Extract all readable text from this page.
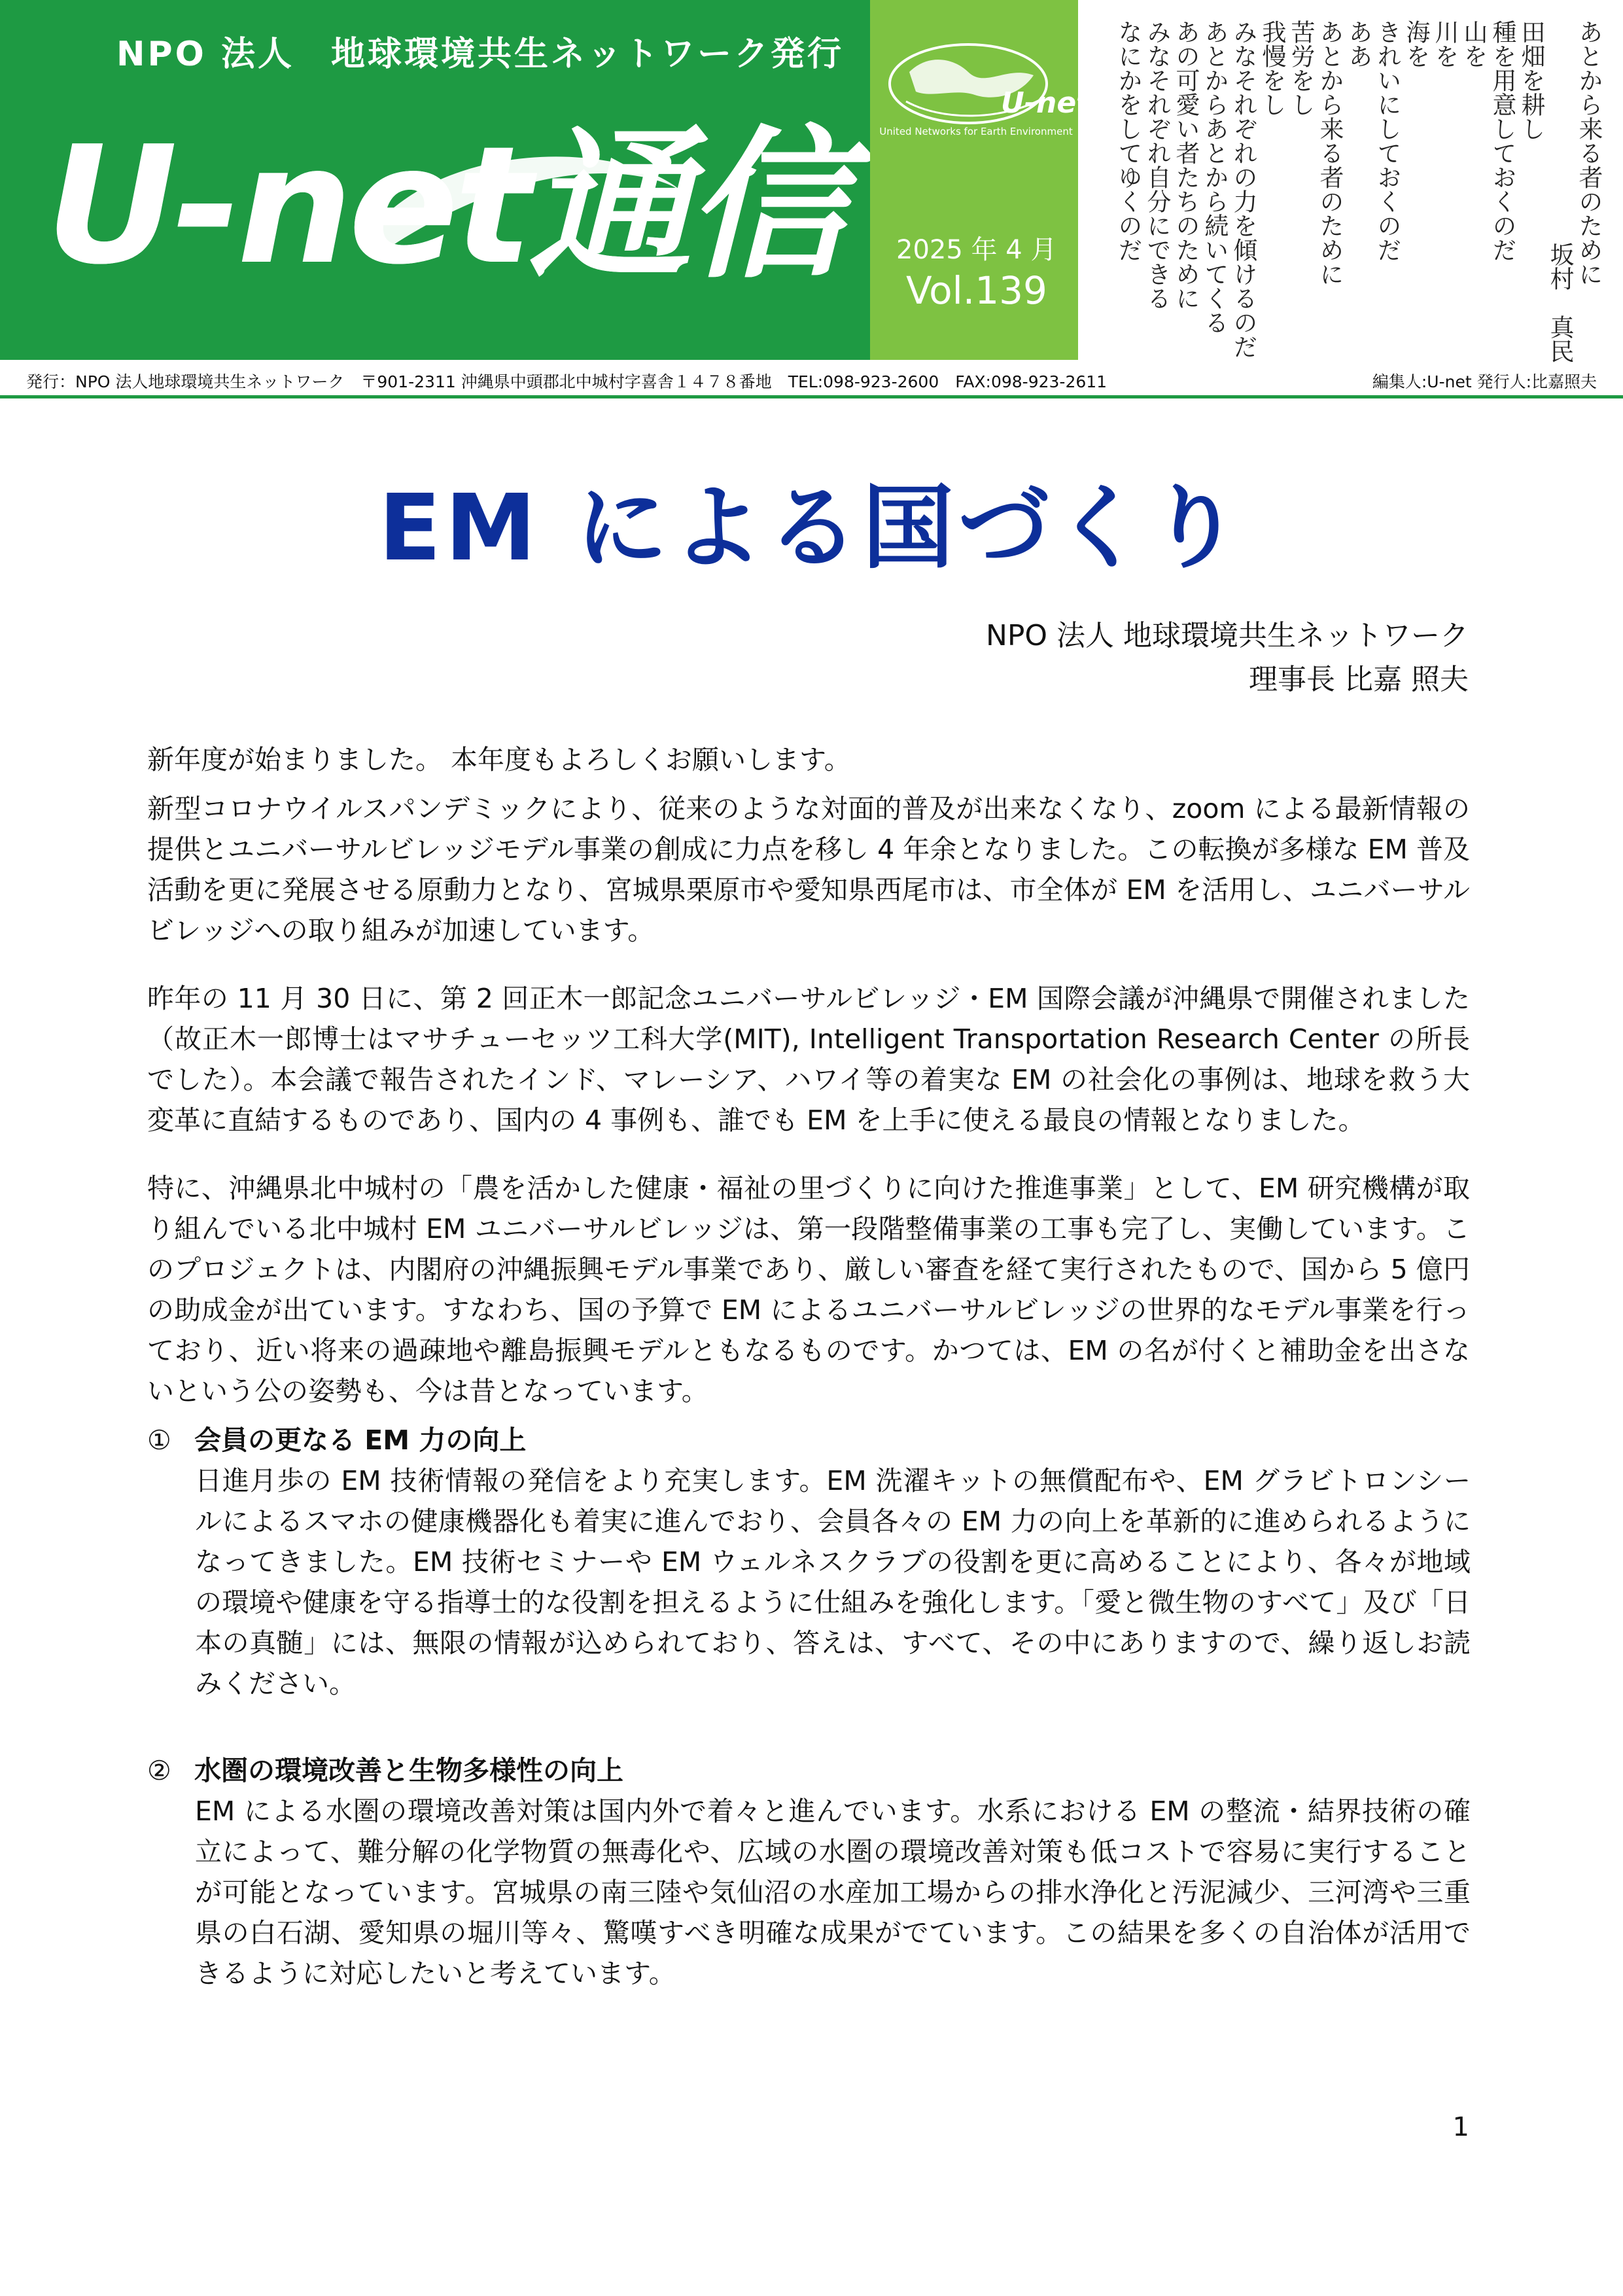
NPO 法人　地球環境共生ネットワーク発行
U-net通信
U-net
United Networks for Earth Environment
2025 年 4 月
Vol.139
あとから来る者のために
坂村　真民
田畑を耕し
種を用意しておくのだ
山を
川を
海を
きれいにしておくのだ
ああ
あとから来る者のために
苦労をし
我慢をし
みなそれぞれの力を傾けるのだ
あとからあとから続いてくる
あの可愛い者たちのために
みなそれぞれ自分にできる
なにかをしてゆくのだ
発行：NPO 法人地球環境共生ネットワーク　〒901-2311 沖縄県中頭郡北中城村字喜舎１４７８番地　TEL:098-923-2600　FAX:098-923-2611	編集人:U-net 発行人:比嘉照夫
EM による国づくり
NPO 法人 地球環境共生ネットワーク
理事長 比嘉 照夫
新年度が始まりました。 本年度もよろしくお願いします。
新型コロナウイルスパンデミックにより、従来のような対面的普及が出来なくなり、zoom による最新情報の提供とユニバーサルビレッジモデル事業の創成に力点を移し 4 年余となりました。この転換が多様な EM 普及活動を更に発展させる原動力となり、宮城県栗原市や愛知県西尾市は、市全体が EM を活用し、ユニバーサルビレッジへの取り組みが加速しています。
昨年の 11 月 30 日に、第 2 回正木一郎記念ユニバーサルビレッジ・EM 国際会議が沖縄県で開催されました（故正木一郎博士はマサチューセッツ工科大学(MIT), Intelligent Transportation Research Center の所長でした）。本会議で報告されたインド、マレーシア、ハワイ等の着実な EM の社会化の事例は、地球を救う大変革に直結するものであり、国内の 4 事例も、誰でも EM を上手に使える最良の情報となりました。
特に、沖縄県北中城村の「農を活かした健康・福祉の里づくりに向けた推進事業」として、EM 研究機構が取り組んでいる北中城村 EM ユニバーサルビレッジは、第一段階整備事業の工事も完了し、実働しています。このプロジェクトは、内閣府の沖縄振興モデル事業であり、厳しい審査を経て実行されたもので、国から 5 億円の助成金が出ています。すなわち、国の予算で EM によるユニバーサルビレッジの世界的なモデル事業を行っており、近い将来の過疎地や離島振興モデルともなるものです。かつては、EM の名が付くと補助金を出さないという公の姿勢も、今は昔となっています。
① 会員の更なる EM 力の向上
日進月歩の EM 技術情報の発信をより充実します。EM 洗濯キットの無償配布や、EM グラビトロンシールによるスマホの健康機器化も着実に進んでおり、会員各々の EM 力の向上を革新的に進められるようになってきました。EM 技術セミナーや EM ウェルネスクラブの役割を更に高めることにより、各々が地域の環境や健康を守る指導士的な役割を担えるように仕組みを強化します。「愛と微生物のすべて」及び「日本の真髄」には、無限の情報が込められており、答えは、すべて、その中にありますので、繰り返しお読みください。
② 水圏の環境改善と生物多様性の向上
EM による水圏の環境改善対策は国内外で着々と進んでいます。水系における EM の整流・結界技術の確立によって、難分解の化学物質の無毒化や、広域の水圏の環境改善対策も低コストで容易に実行することが可能となっています。宮城県の南三陸や気仙沼の水産加工場からの排水浄化と汚泥減少、三河湾や三重県の白石湖、愛知県の堀川等々、驚嘆すべき明確な成果がでています。この結果を多くの自治体が活用できるように対応したいと考えています。
1
